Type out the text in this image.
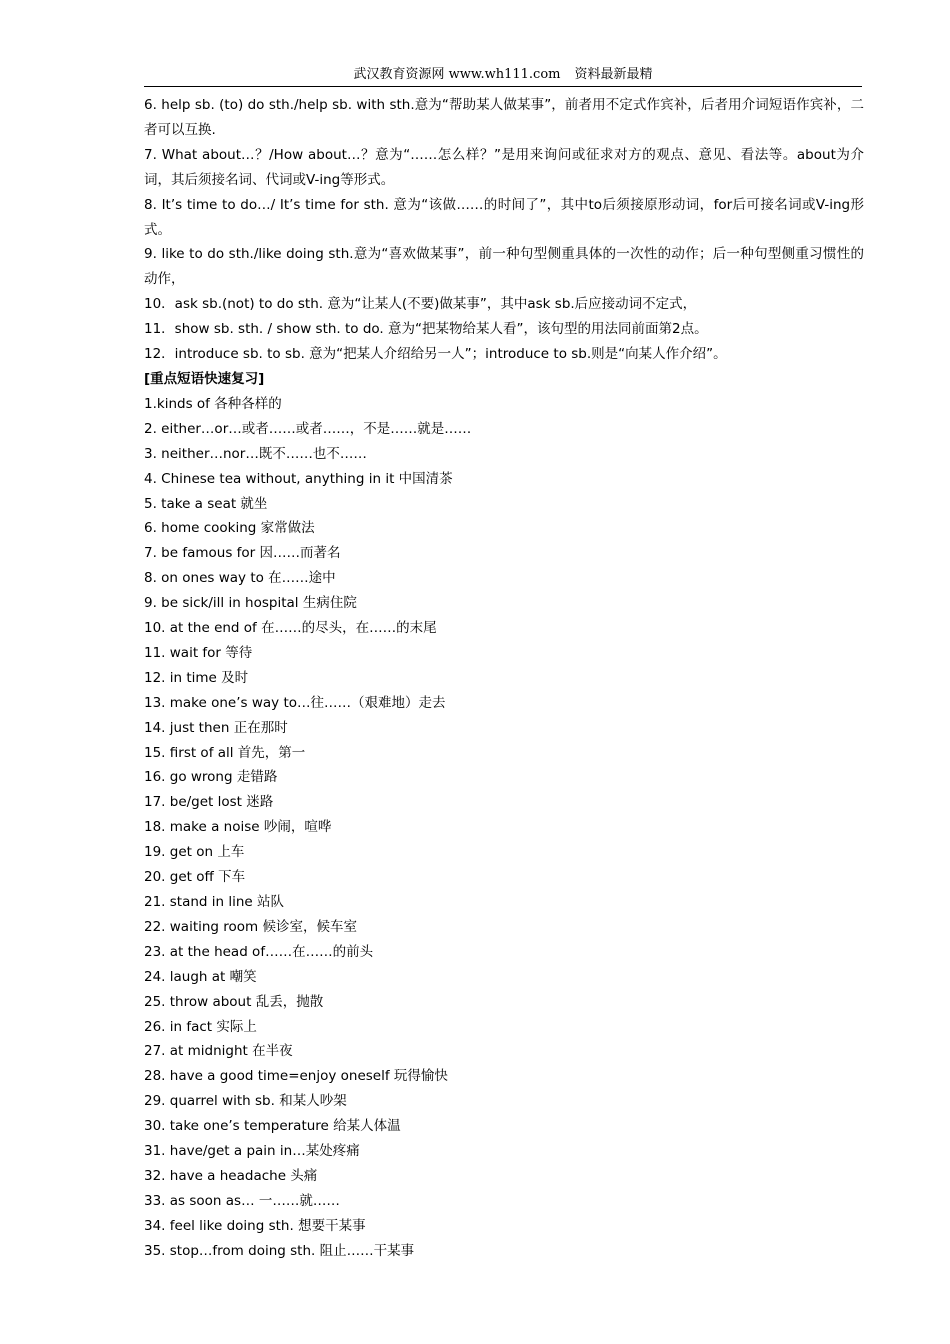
武汉教育资源网 www.wh111.com 资料最新最精

6. help sb. (to) do sth./help sb. with sth.意为“帮助某人做某事”，前者用不定式作宾补，后者用介词短语作宾补，二者可以互换.

7. What about…？/How about…？意为“……怎么样？”是用来询问或征求对方的观点、意见、看法等。about为介词，其后须接名词、代词或V-ing等形式。

8. It’s time to do…/ It’s time for sth. 意为“该做……的时间了”，其中to后须接原形动词，for后可接名词或V-ing形式。

9. like to do sth./like doing sth.意为“喜欢做某事”，前一种句型侧重具体的一次性的动作；后一种句型侧重习惯性的动作，

10．ask sb.(not) to do sth. 意为“让某人(不要)做某事”，其中ask sb.后应接动词不定式，

11．show sb. sth. / show sth. to do. 意为“把某物给某人看”，该句型的用法同前面第2点。

12．introduce sb. to sb. 意为“把某人介绍给另一人”；introduce to sb.则是“向某人作介绍”。

[重点短语快速复习]

1.kinds of 各种各样的

2. either…or…或者……或者……，不是……就是……

3. neither…nor…既不……也不……

4. Chinese tea without, anything in it 中国清茶

5. take a seat 就坐

6. home cooking 家常做法

7. be famous for 因……而著名

8. on ones way to 在……途中

9. be sick/ill in hospital 生病住院

10. at the end of 在……的尽头，在……的末尾

11. wait for 等待

12. in time 及时

13. make one’s way to…往……（艰难地）走去

14. just then 正在那时

15. first of all 首先，第一

16. go wrong 走错路

17. be/get lost 迷路

18. make a noise 吵闹，喧哗

19. get on 上车

20. get off 下车

21. stand in line 站队

22. waiting room 候诊室，候车室

23. at the head of……在……的前头

24. laugh at 嘲笑

25. throw about 乱丢，抛散

26. in fact 实际上

27. at midnight 在半夜

28. have a good time=enjoy oneself 玩得愉快

29. quarrel with sb. 和某人吵架

30. take one’s temperature 给某人体温

31. have/get a pain in…某处疼痛

32. have a headache 头痛

33. as soon as… 一……就……

34. feel like doing sth. 想要干某事

35. stop…from doing sth. 阻止……干某事
